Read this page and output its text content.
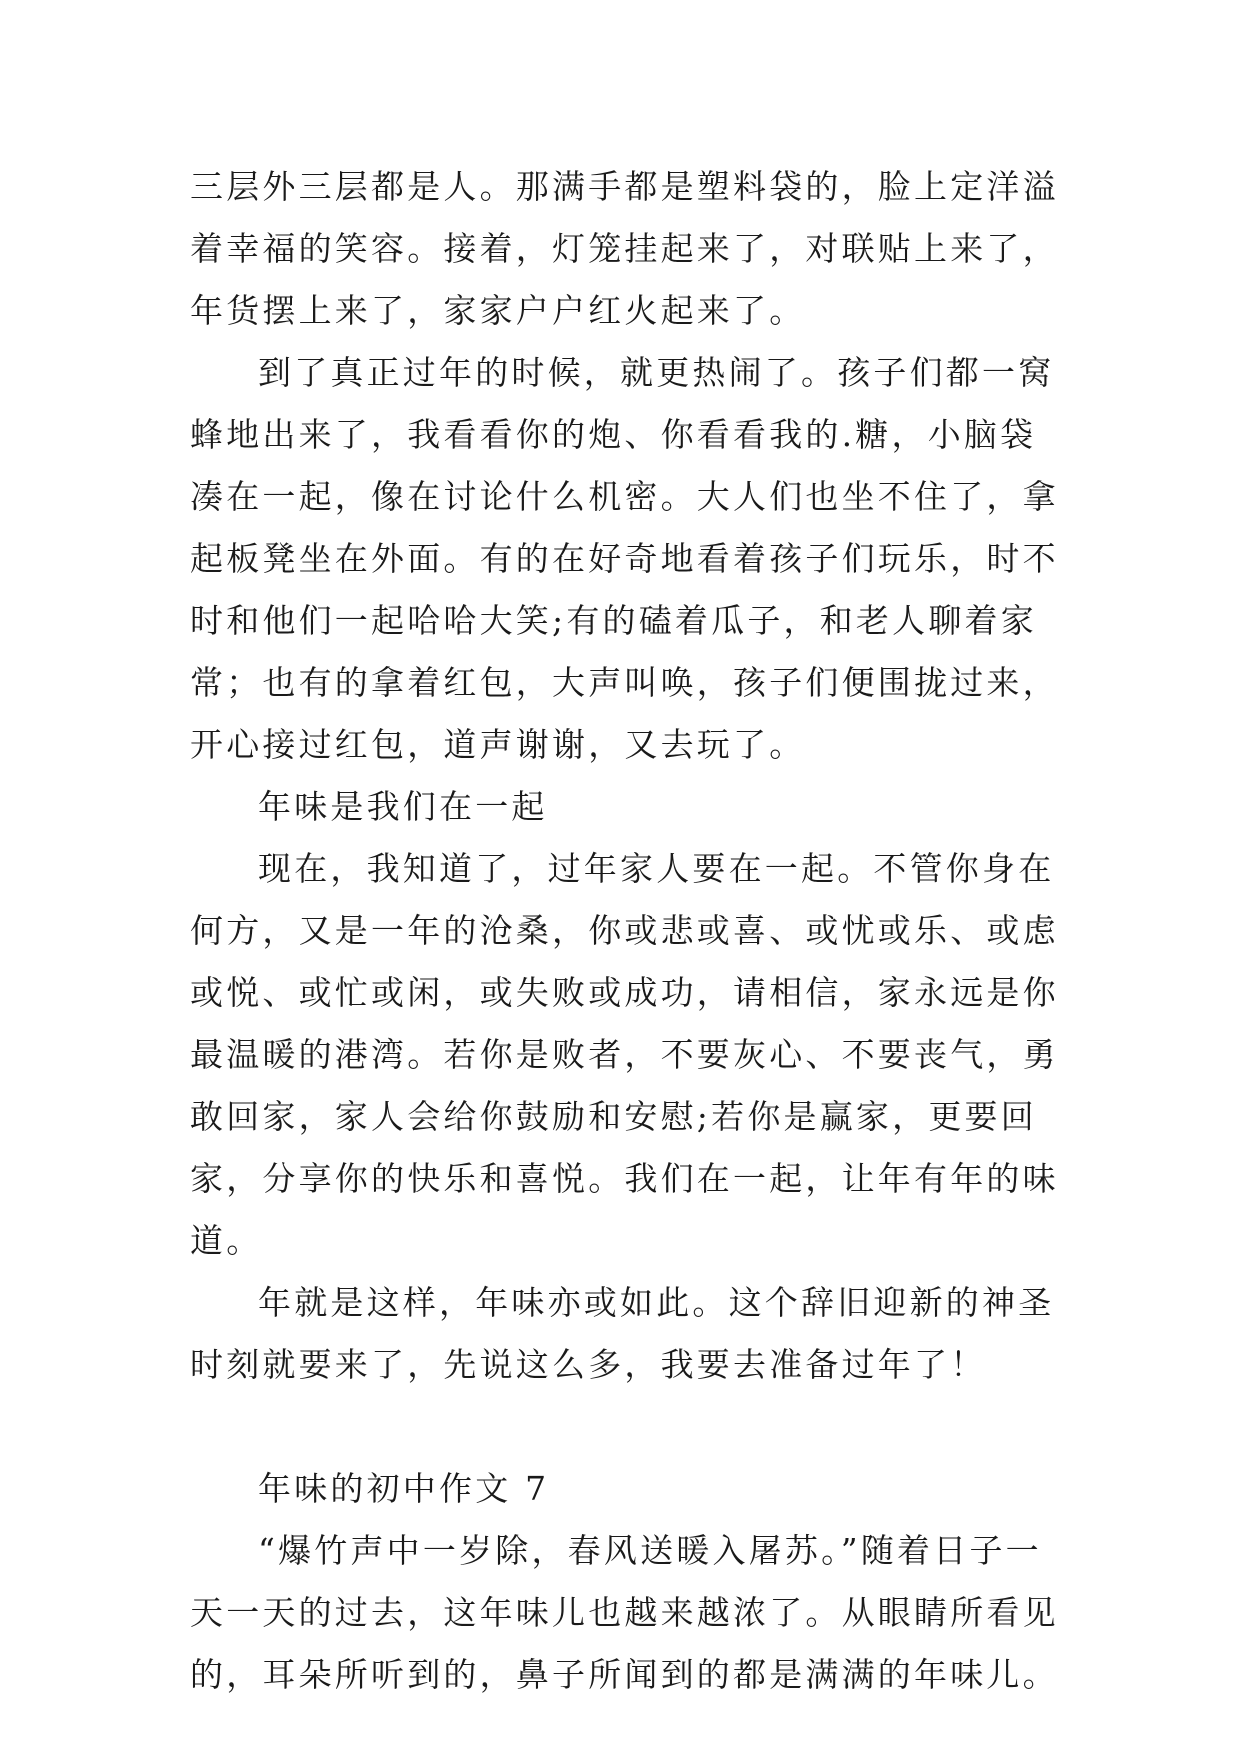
三层外三层都是人。那满手都是塑料袋的，脸上定洋溢着幸福的笑容。接着，灯笼挂起来了，对联贴上来了，年货摆上来了，家家户户红火起来了。

到了真正过年的时候，就更热闹了。孩子们都一窝蜂地出来了，我看看你的炮、你看看我的.糖，小脑袋凑在一起，像在讨论什么机密。大人们也坐不住了，拿起板凳坐在外面。有的在好奇地看着孩子们玩乐，时不时和他们一起哈哈大笑;有的磕着瓜子，和老人聊着家常；也有的拿着红包，大声叫唤，孩子们便围拢过来，开心接过红包，道声谢谢，又去玩了。

年味是我们在一起

现在，我知道了，过年家人要在一起。不管你身在何方，又是一年的沧桑，你或悲或喜、或忧或乐、或虑或悦、或忙或闲，或失败或成功，请相信，家永远是你最温暖的港湾。若你是败者，不要灰心、不要丧气，勇敢回家，家人会给你鼓励和安慰;若你是赢家，更要回家，分享你的快乐和喜悦。我们在一起，让年有年的味道。

年就是这样，年味亦或如此。这个辞旧迎新的神圣时刻就要来了，先说这么多，我要去准备过年了！

年味的初中作文 7

“爆竹声中一岁除，春风送暖入屠苏。”随着日子一天一天的过去，这年味儿也越来越浓了。从眼睛所看见的，耳朵所听到的，鼻子所闻到的都是满满的年味儿。
